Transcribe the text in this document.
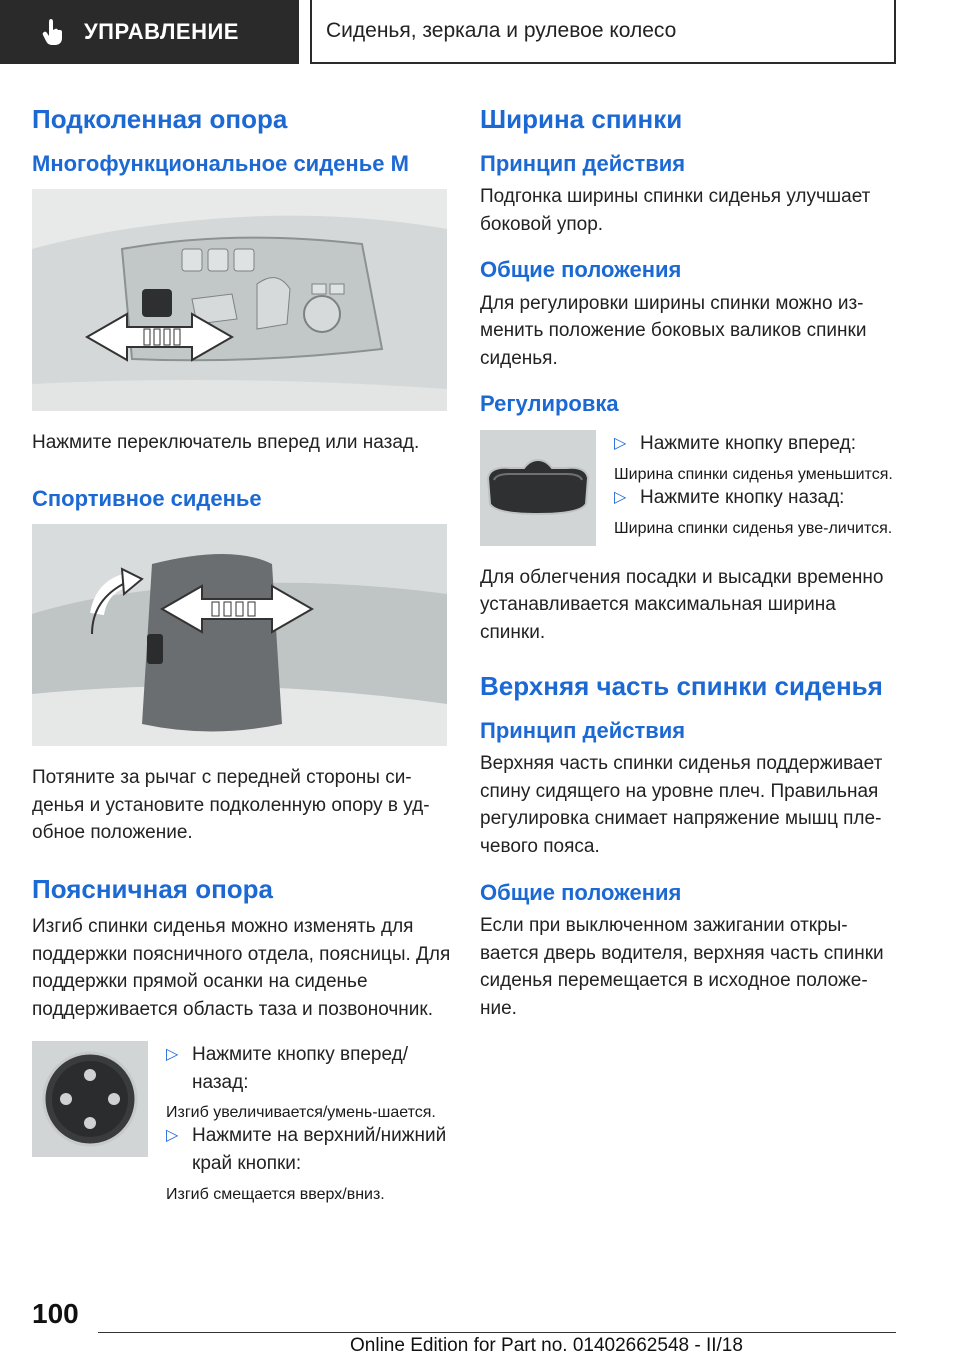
УПРАВЛЕНИЕ	Сиденья, зеркала и рулевое колесо
Подколенная опора
Многофункциональное сиденье M

Нажмите переключатель вперед или назад.

Спортивное сиденье

Потяните за рычаг с передней стороны си-денья и установите подколенную опору в уд-обное положение.

Поясничная опора

Изгиб спинки сиденья можно изменять для поддержки поясничного отдела, поясницы. Для поддержки прямой осанки на сиденье поддерживается область таза и позвоночник.

▷ Нажмите кнопку вперед/назад:
Изгиб увеличивается/умень-шается.
▷ Нажмите на верхний/нижний край кнопки:
Изгиб смещается вверх/вниз.
Ширина спинки
Принцип действия

Подгонка ширины спинки сиденья улучшает боковой упор.

Общие положения

Для регулировки ширины спинки можно из-менить положение боковых валиков спинки сиденья.

Регулировка
▷ Нажмите кнопку вперед:
Ширина спинки сиденья уменьшится.
▷ Нажмите кнопку назад:
Ширина спинки сиденья уве-личится.

Для облегчения посадки и высадки временно устанавливается максимальная ширина спинки.

Верхняя часть спинки сиденья
Принцип действия

Верхняя часть спинки сиденья поддерживает спину сидящего на уровне плеч. Правильная регулировка снимает напряжение мышц пле-чевого пояса.

Общие положения

Если при выключенном зажигании откры-вается дверь водителя, верхняя часть спинки сиденья перемещается в исходное положе-ние.

100
Online Edition for Part no. 01402662548 - II/18
